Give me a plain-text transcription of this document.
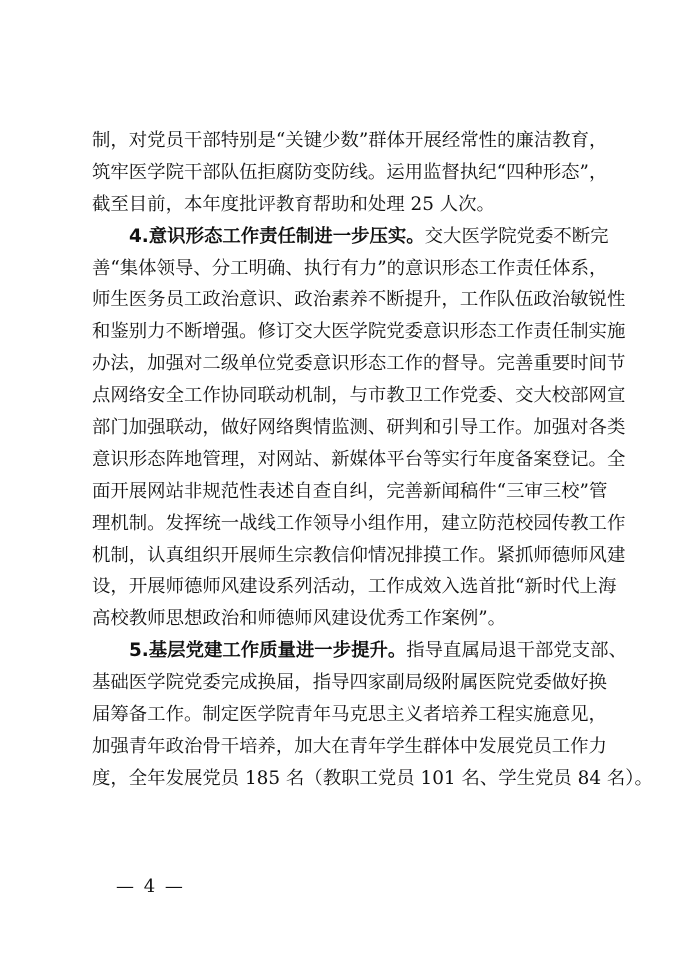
制，对党员干部特别是“关键少数”群体开展经常性的廉洁教育，
筑牢医学院干部队伍拒腐防变防线。运用监督执纪“四种形态”，
截至目前，本年度批评教育帮助和处理 25 人次。
4.意识形态工作责任制进一步压实。交大医学院党委不断完
善“集体领导、分工明确、执行有力”的意识形态工作责任体系，
师生医务员工政治意识、政治素养不断提升，工作队伍政治敏锐性
和鉴别力不断增强。修订交大医学院党委意识形态工作责任制实施
办法，加强对二级单位党委意识形态工作的督导。完善重要时间节
点网络安全工作协同联动机制，与市教卫工作党委、交大校部网宣
部门加强联动，做好网络舆情监测、研判和引导工作。加强对各类
意识形态阵地管理，对网站、新媒体平台等实行年度备案登记。全
面开展网站非规范性表述自查自纠，完善新闻稿件“三审三校”管
理机制。发挥统一战线工作领导小组作用，建立防范校园传教工作
机制，认真组织开展师生宗教信仰情况排摸工作。紧抓师德师风建
设，开展师德师风建设系列活动，工作成效入选首批“新时代上海
高校教师思想政治和师德师风建设优秀工作案例”。
5.基层党建工作质量进一步提升。指导直属局退干部党支部、
基础医学院党委完成换届，指导四家副局级附属医院党委做好换
届筹备工作。制定医学院青年马克思主义者培养工程实施意见，
加强青年政治骨干培养，加大在青年学生群体中发展党员工作力
度，全年发展党员 185 名（教职工党员 101 名、学生党员 84 名）。
— 4 —
